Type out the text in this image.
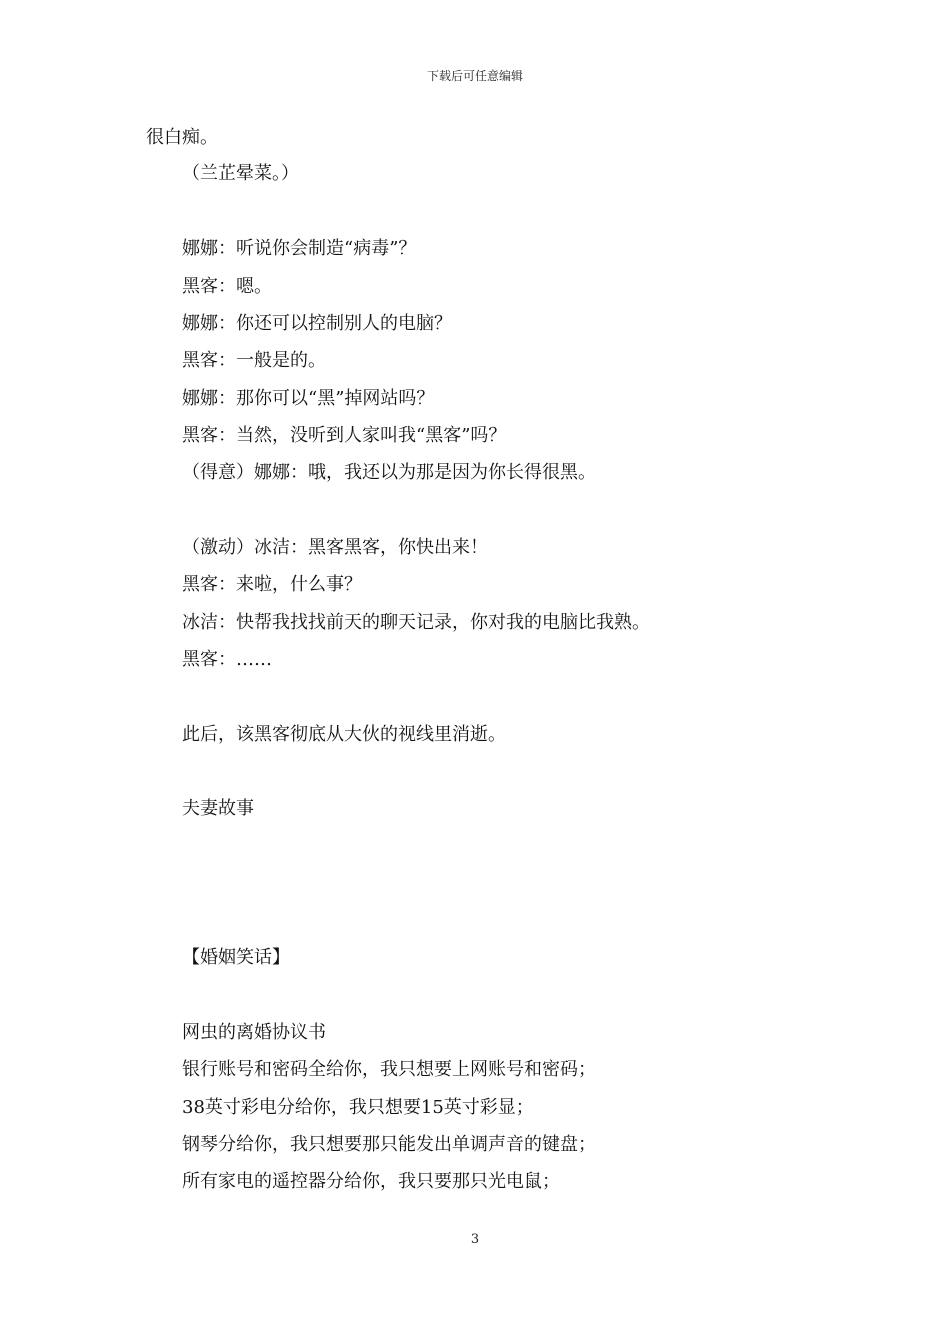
下载后可任意编辑
很白痴。
（兰芷晕菜。）
娜娜：听说你会制造“病毒”？
黑客：嗯。
娜娜：你还可以控制别人的电脑？
黑客：一般是的。
娜娜：那你可以“黑”掉网站吗？
黑客：当然，没听到人家叫我“黑客”吗？
（得意）娜娜：哦，我还以为那是因为你长得很黑。
（激动）冰洁：黑客黑客，你快出来！
黑客：来啦，什么事？
冰洁：快帮我找找前天的聊天记录，你对我的电脑比我熟。
黑客：……
此后，该黑客彻底从大伙的视线里消逝。
夫妻故事
【婚姻笑话】
网虫的离婚协议书
银行账号和密码全给你，我只想要上网账号和密码；
38英寸彩电分给你，我只想要15英寸彩显；
钢琴分给你，我只想要那只能发出单调声音的键盘；
所有家电的遥控器分给你，我只要那只光电鼠；
3
